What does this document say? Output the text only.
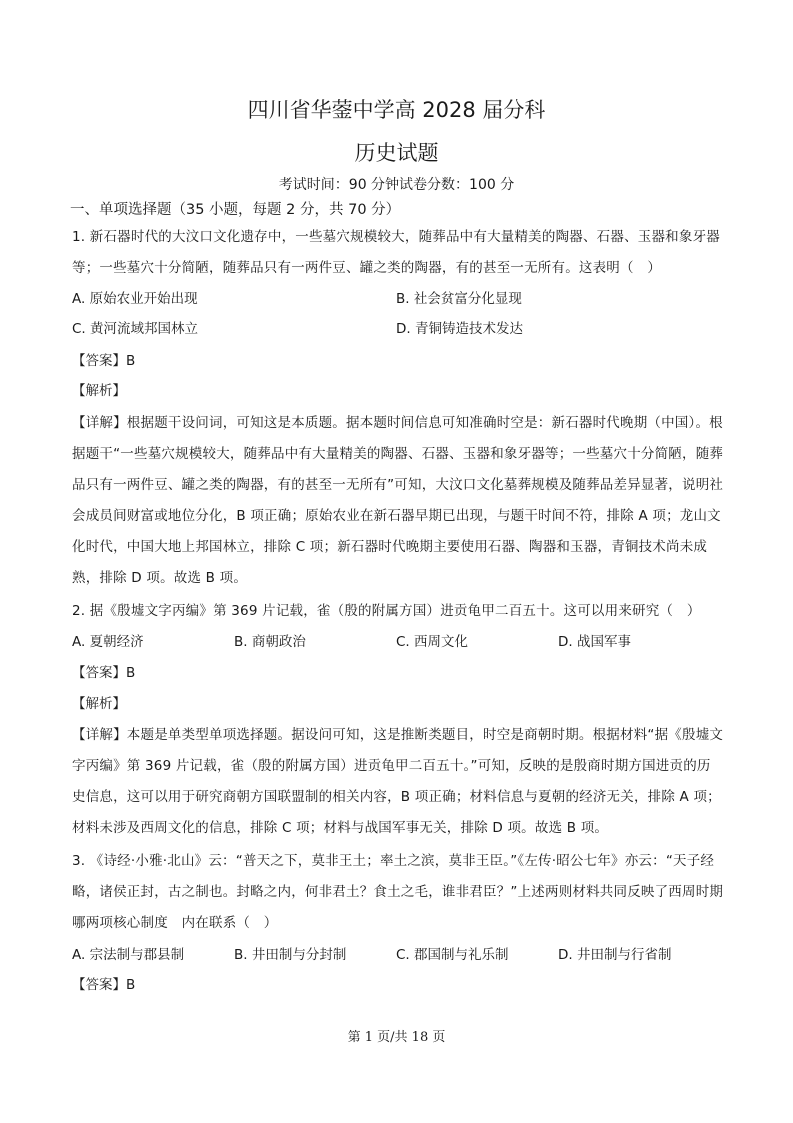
四川省华蓥中学高 2028 届分科
历史试题
考试时间：90 分钟试卷分数：100 分
一、单项选择题（35 小题，每题 2 分，共 70 分）
1. 新石器时代的大汶口文化遗存中，一些墓穴规模较大，随葬品中有大量精美的陶器、石器、玉器和象牙器等；一些墓穴十分简陋，随葬品只有一两件豆、罐之类的陶器，有的甚至一无所有。这表明（　）
A. 原始农业开始出现	B. 社会贫富分化显现
C. 黄河流域邦国林立	D. 青铜铸造技术发达
【答案】B
【解析】
【详解】根据题干设问词，可知这是本质题。据本题时间信息可知准确时空是：新石器时代晚期（中国）。根据题干“一些墓穴规模较大，随葬品中有大量精美的陶器、石器、玉器和象牙器等；一些墓穴十分简陋，随葬品只有一两件豆、罐之类的陶器，有的甚至一无所有”可知，大汶口文化墓葬规模及随葬品差异显著，说明社会成员间财富或地位分化，B 项正确；原始农业在新石器早期已出现，与题干时间不符，排除 A 项；龙山文化时代，中国大地上邦国林立，排除 C 项；新石器时代晚期主要使用石器、陶器和玉器，青铜技术尚未成熟，排除 D 项。故选 B 项。
2. 据《殷墟文字丙编》第 369 片记载，雀（殷的附属方国）进贡龟甲二百五十。这可以用来研究（　）
A. 夏朝经济	B. 商朝政治	C. 西周文化	D. 战国军事
【答案】B
【解析】
【详解】本题是单类型单项选择题。据设问可知，这是推断类题目，时空是商朝时期。根据材料“据《殷墟文字丙编》第 369 片记载，雀（殷的附属方国）进贡龟甲二百五十。”可知，反映的是殷商时期方国进贡的历史信息，这可以用于研究商朝方国联盟制的相关内容，B 项正确；材料信息与夏朝的经济无关，排除 A 项；材料未涉及西周文化的信息，排除 C 项；材料与战国军事无关，排除 D 项。故选 B 项。
3. 《诗经·小雅·北山》云：“普天之下，莫非王土；率土之滨，莫非王臣。”《左传·昭公七年》亦云：“天子经略，诸侯正封，古之制也。封略之内，何非君土？食土之毛，谁非君臣？”上述两则材料共同反映了西周时期哪两项核心制度　内在联系（　）
A. 宗法制与郡县制	B. 井田制与分封制	C. 郡国制与礼乐制	D. 井田制与行省制
【答案】B
第 1 页/共 18 页
